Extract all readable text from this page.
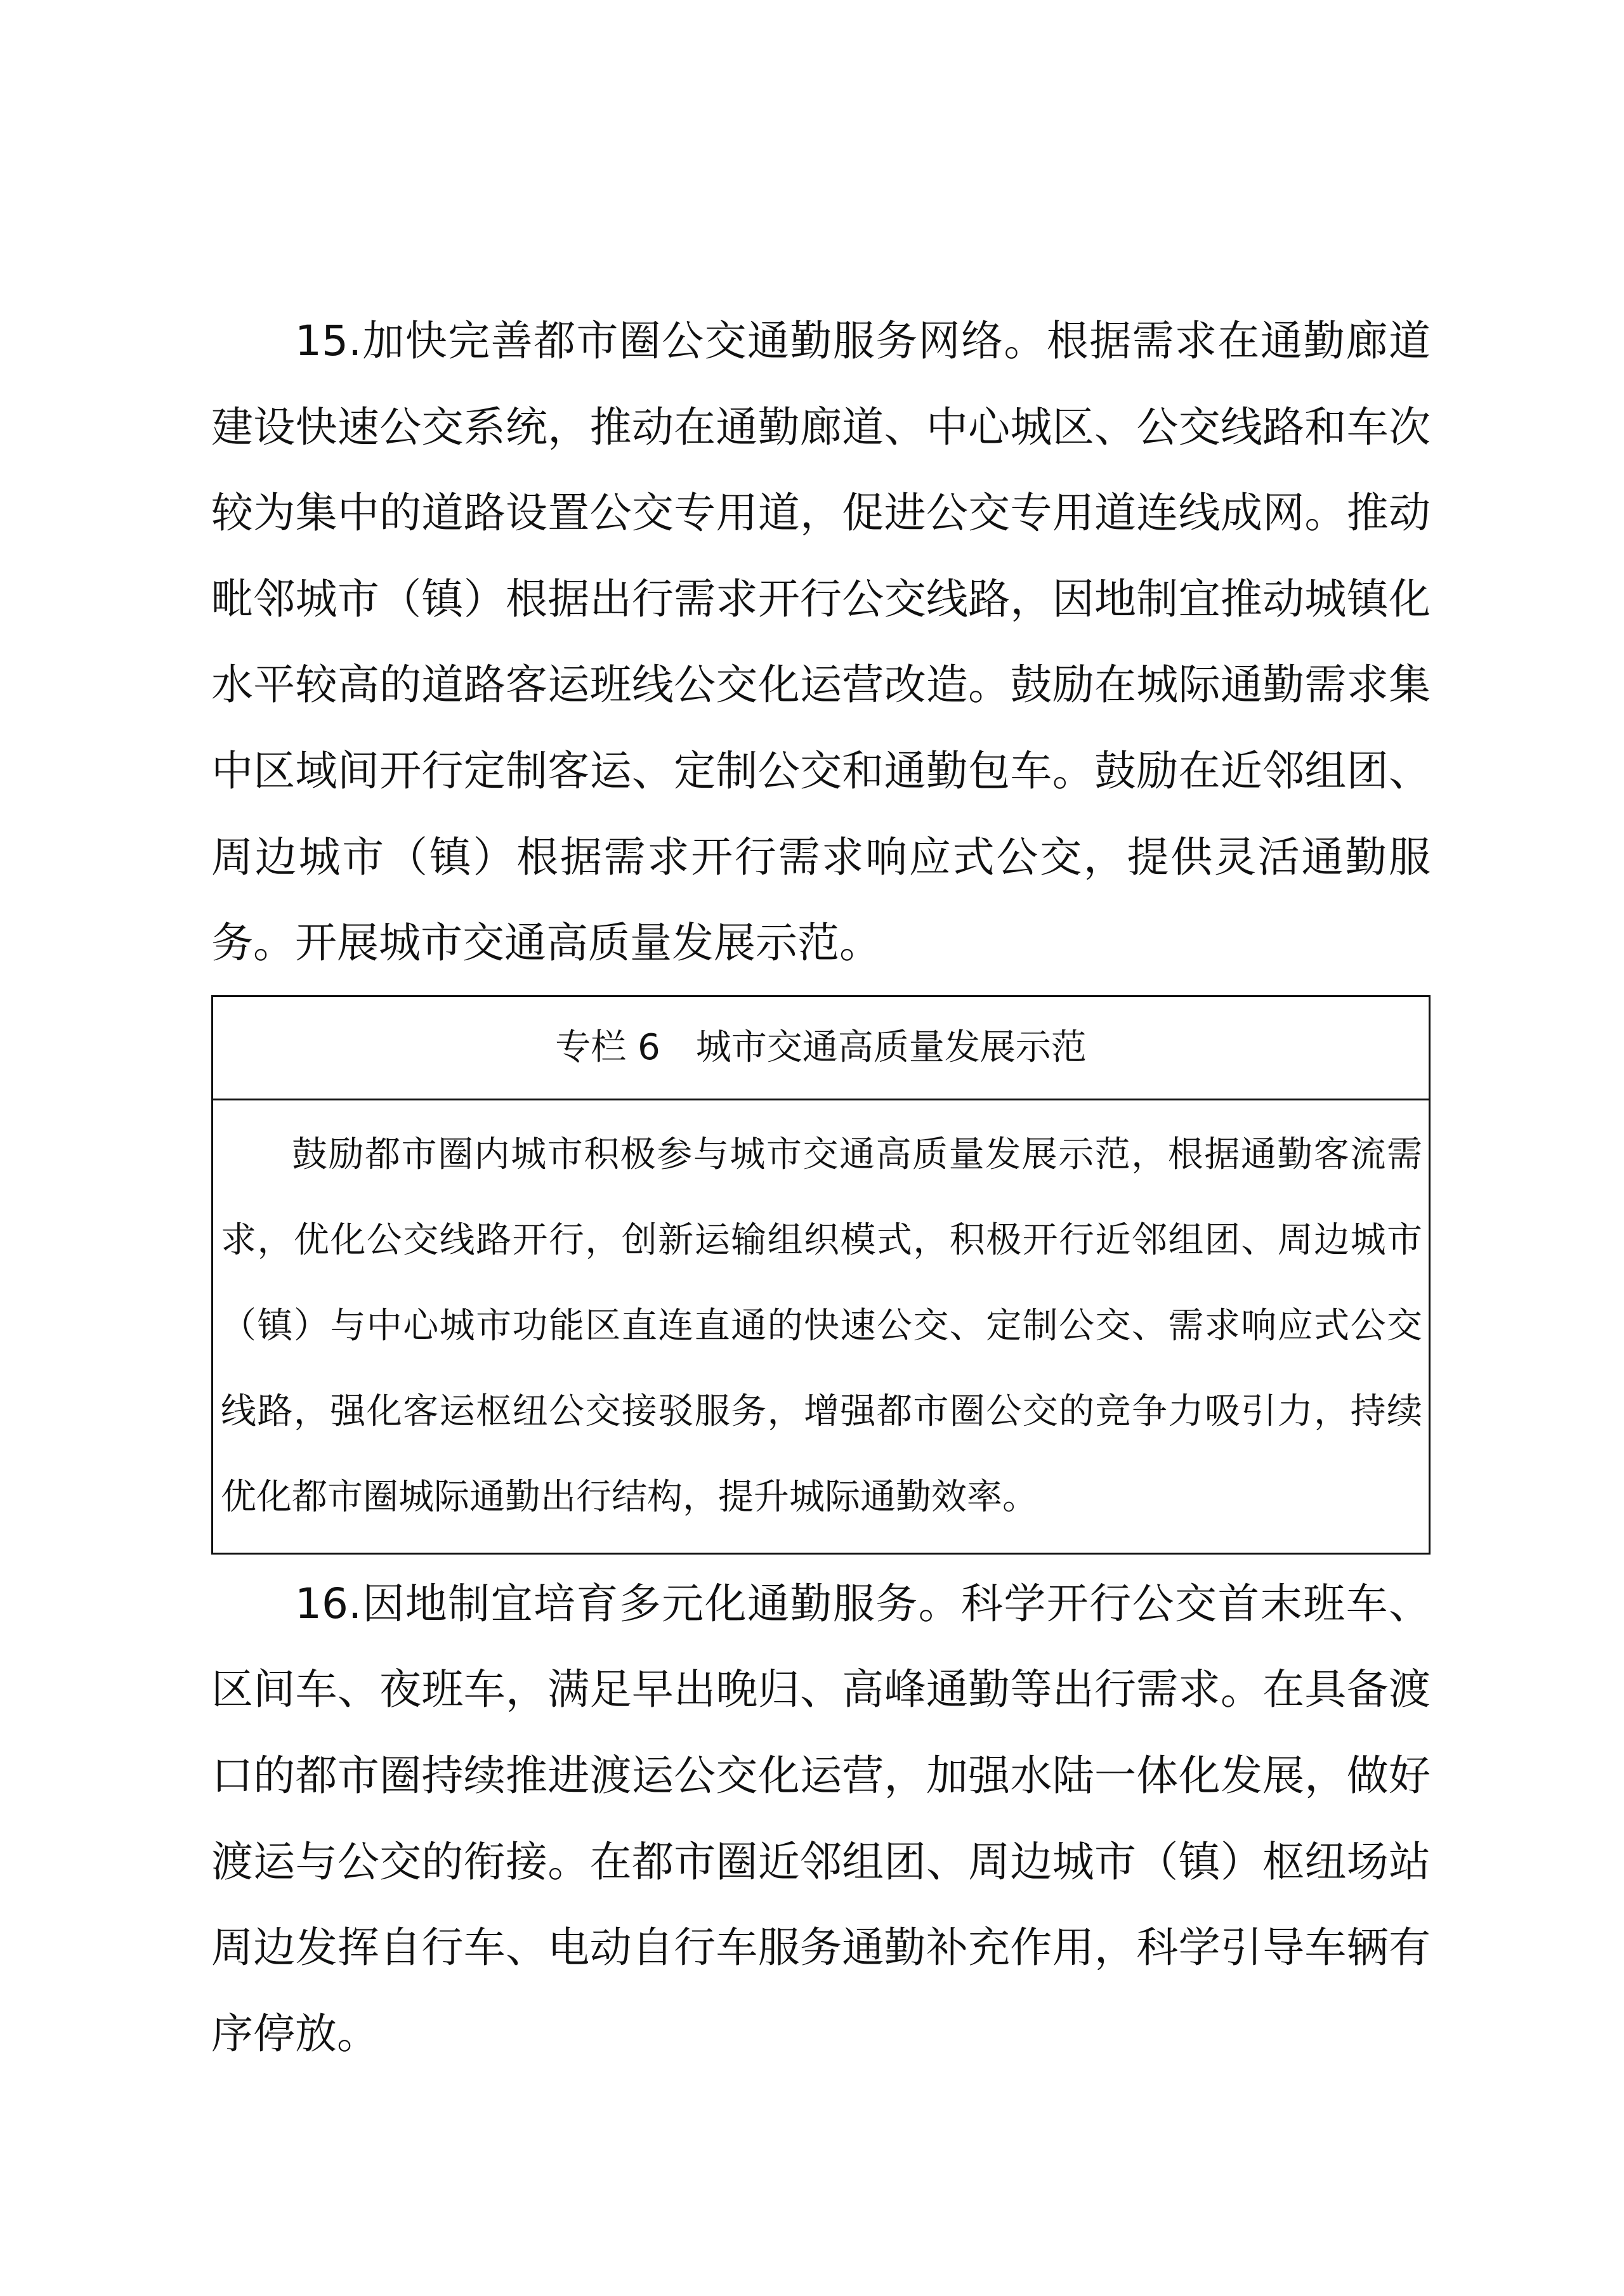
15.加快完善都市圈公交通勤服务网络。根据需求在通勤廊道建设快速公交系统，推动在通勤廊道、中心城区、公交线路和车次较为集中的道路设置公交专用道，促进公交专用道连线成网。推动毗邻城市（镇）根据出行需求开行公交线路，因地制宜推动城镇化水平较高的道路客运班线公交化运营改造。鼓励在城际通勤需求集中区域间开行定制客运、定制公交和通勤包车。鼓励在近邻组团、周边城市（镇）根据需求开行需求响应式公交，提供灵活通勤服务。开展城市交通高质量发展示范。

专栏 6　城市交通高质量发展示范

鼓励都市圈内城市积极参与城市交通高质量发展示范，根据通勤客流需求，优化公交线路开行，创新运输组织模式，积极开行近邻组团、周边城市（镇）与中心城市功能区直连直通的快速公交、定制公交、需求响应式公交线路，强化客运枢纽公交接驳服务，增强都市圈公交的竞争力吸引力，持续优化都市圈城际通勤出行结构，提升城际通勤效率。

16.因地制宜培育多元化通勤服务。科学开行公交首末班车、区间车、夜班车，满足早出晚归、高峰通勤等出行需求。在具备渡口的都市圈持续推进渡运公交化运营，加强水陆一体化发展，做好渡运与公交的衔接。在都市圈近邻组团、周边城市（镇）枢纽场站周边发挥自行车、电动自行车服务通勤补充作用，科学引导车辆有序停放。
